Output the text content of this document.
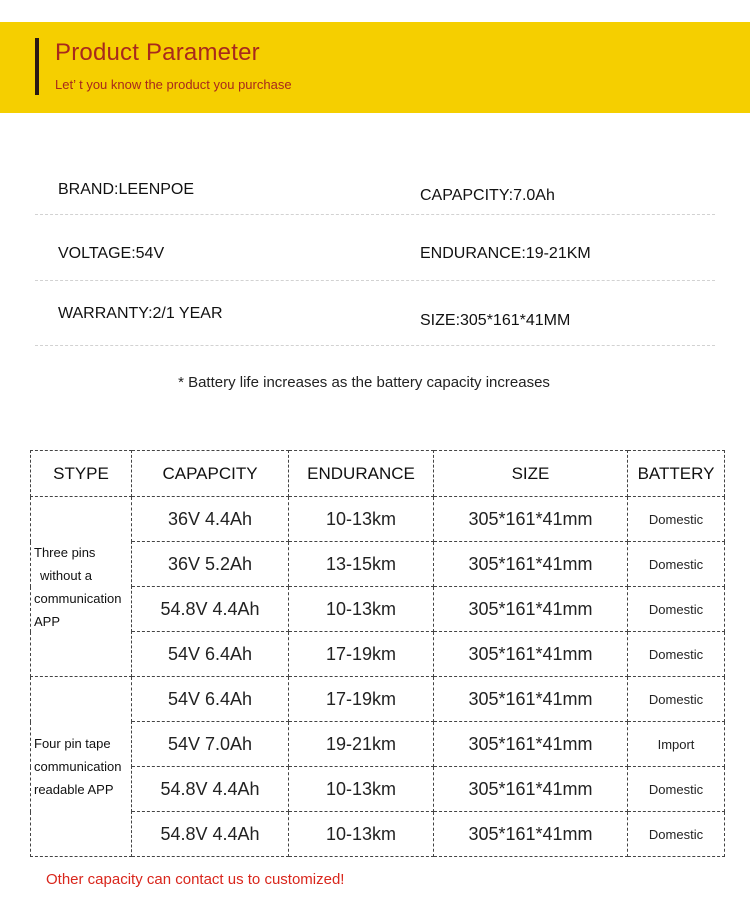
Product Parameter
Let’ t you know the product you purchase
BRAND:LEENPOE	CAPAPCITY:7.0Ah
VOLTAGE:54V	ENDURANCE:19-21KM
WARRANTY:2/1 YEAR	SIZE:305*161*41MM
* Battery life increases as the battery capacity increases
STYPE	CAPAPCITY	ENDURANCE	SIZE	BATTERY

Three pins
without a
communication
APP	36V 4.4Ah	10-13km	305*161*41mm	Domestic
	36V 5.2Ah	13-15km	305*161*41mm	Domestic
	54.8V 4.4Ah	10-13km	305*161*41mm	Domestic
	54V 6.4Ah	17-19km	305*161*41mm	Domestic

Four pin tape
communication
readable APP	54V 6.4Ah	17-19km	305*161*41mm	Domestic
	54V 7.0Ah	19-21km	305*161*41mm	Import
	54.8V 4.4Ah	10-13km	305*161*41mm	Domestic
	54.8V 4.4Ah	10-13km	305*161*41mm	Domestic
Other capacity can contact us to customized!
